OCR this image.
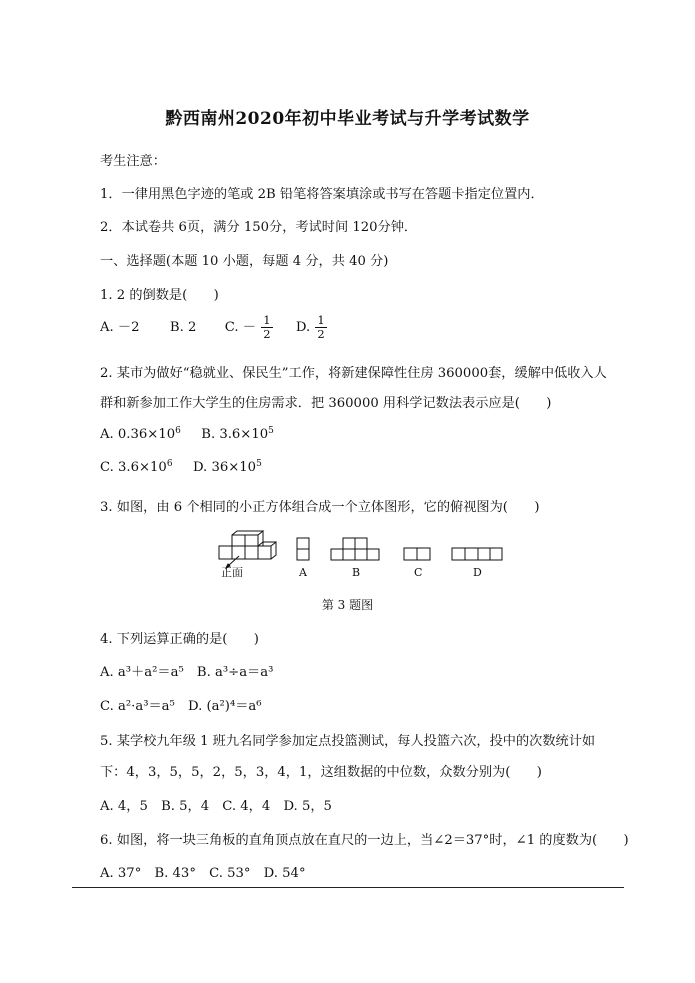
黔西南州2020年初中毕业考试与升学考试数学
考生注意：
1．一律用黑色字迹的笔或 2B 铅笔将答案填涂或书写在答题卡指定位置内．
2．本试卷共 6页，满分 150分，考试时间 120分钟．
一、选择题(本题 10 小题，每题 4 分，共 40 分)
1. 2 的倒数是(　　)
A. －2 B. 2 C. － $\frac{1}{2} D$. $\frac{1}{2}$
2. 某市为做好“稳就业、保民生”工作，将新建保障性住房 360000套，缓解中低收入人
群和新参加工作大学生的住房需求．把 360000 用科学记数法表示应是(　　)
A. $0.36\times 10^6$ B. $3.6\times 10^5$
C. $3.6\times 10^6$ D. $36\times 10^5$
3. 如图，由 6 个相同的小正方体组合成一个立体图形，它的俯视图为(　　)
正面	A	B	C	D
第 3 题图
4. 下列运算正确的是(　　)
A. a³＋a²＝a⁵　B. a³÷a＝a³
C. a²·a³＝a⁵　D. (a²)⁴＝a⁶
5. 某学校九年级 1 班九名同学参加定点投篮测试，每人投篮六次，投中的次数统计如
下：4，3，5，5，2，5，3，4，1，这组数据的中位数，众数分别为(　　)
A. 4，5　B. 5，4　C. 4，4　D. 5，5
6. 如图，将一块三角板的直角顶点放在直尺的一边上，当∠2＝37°时，∠1 的度数为(　　)
A. 37°　B. 43°　C. 53°　D. 54°
